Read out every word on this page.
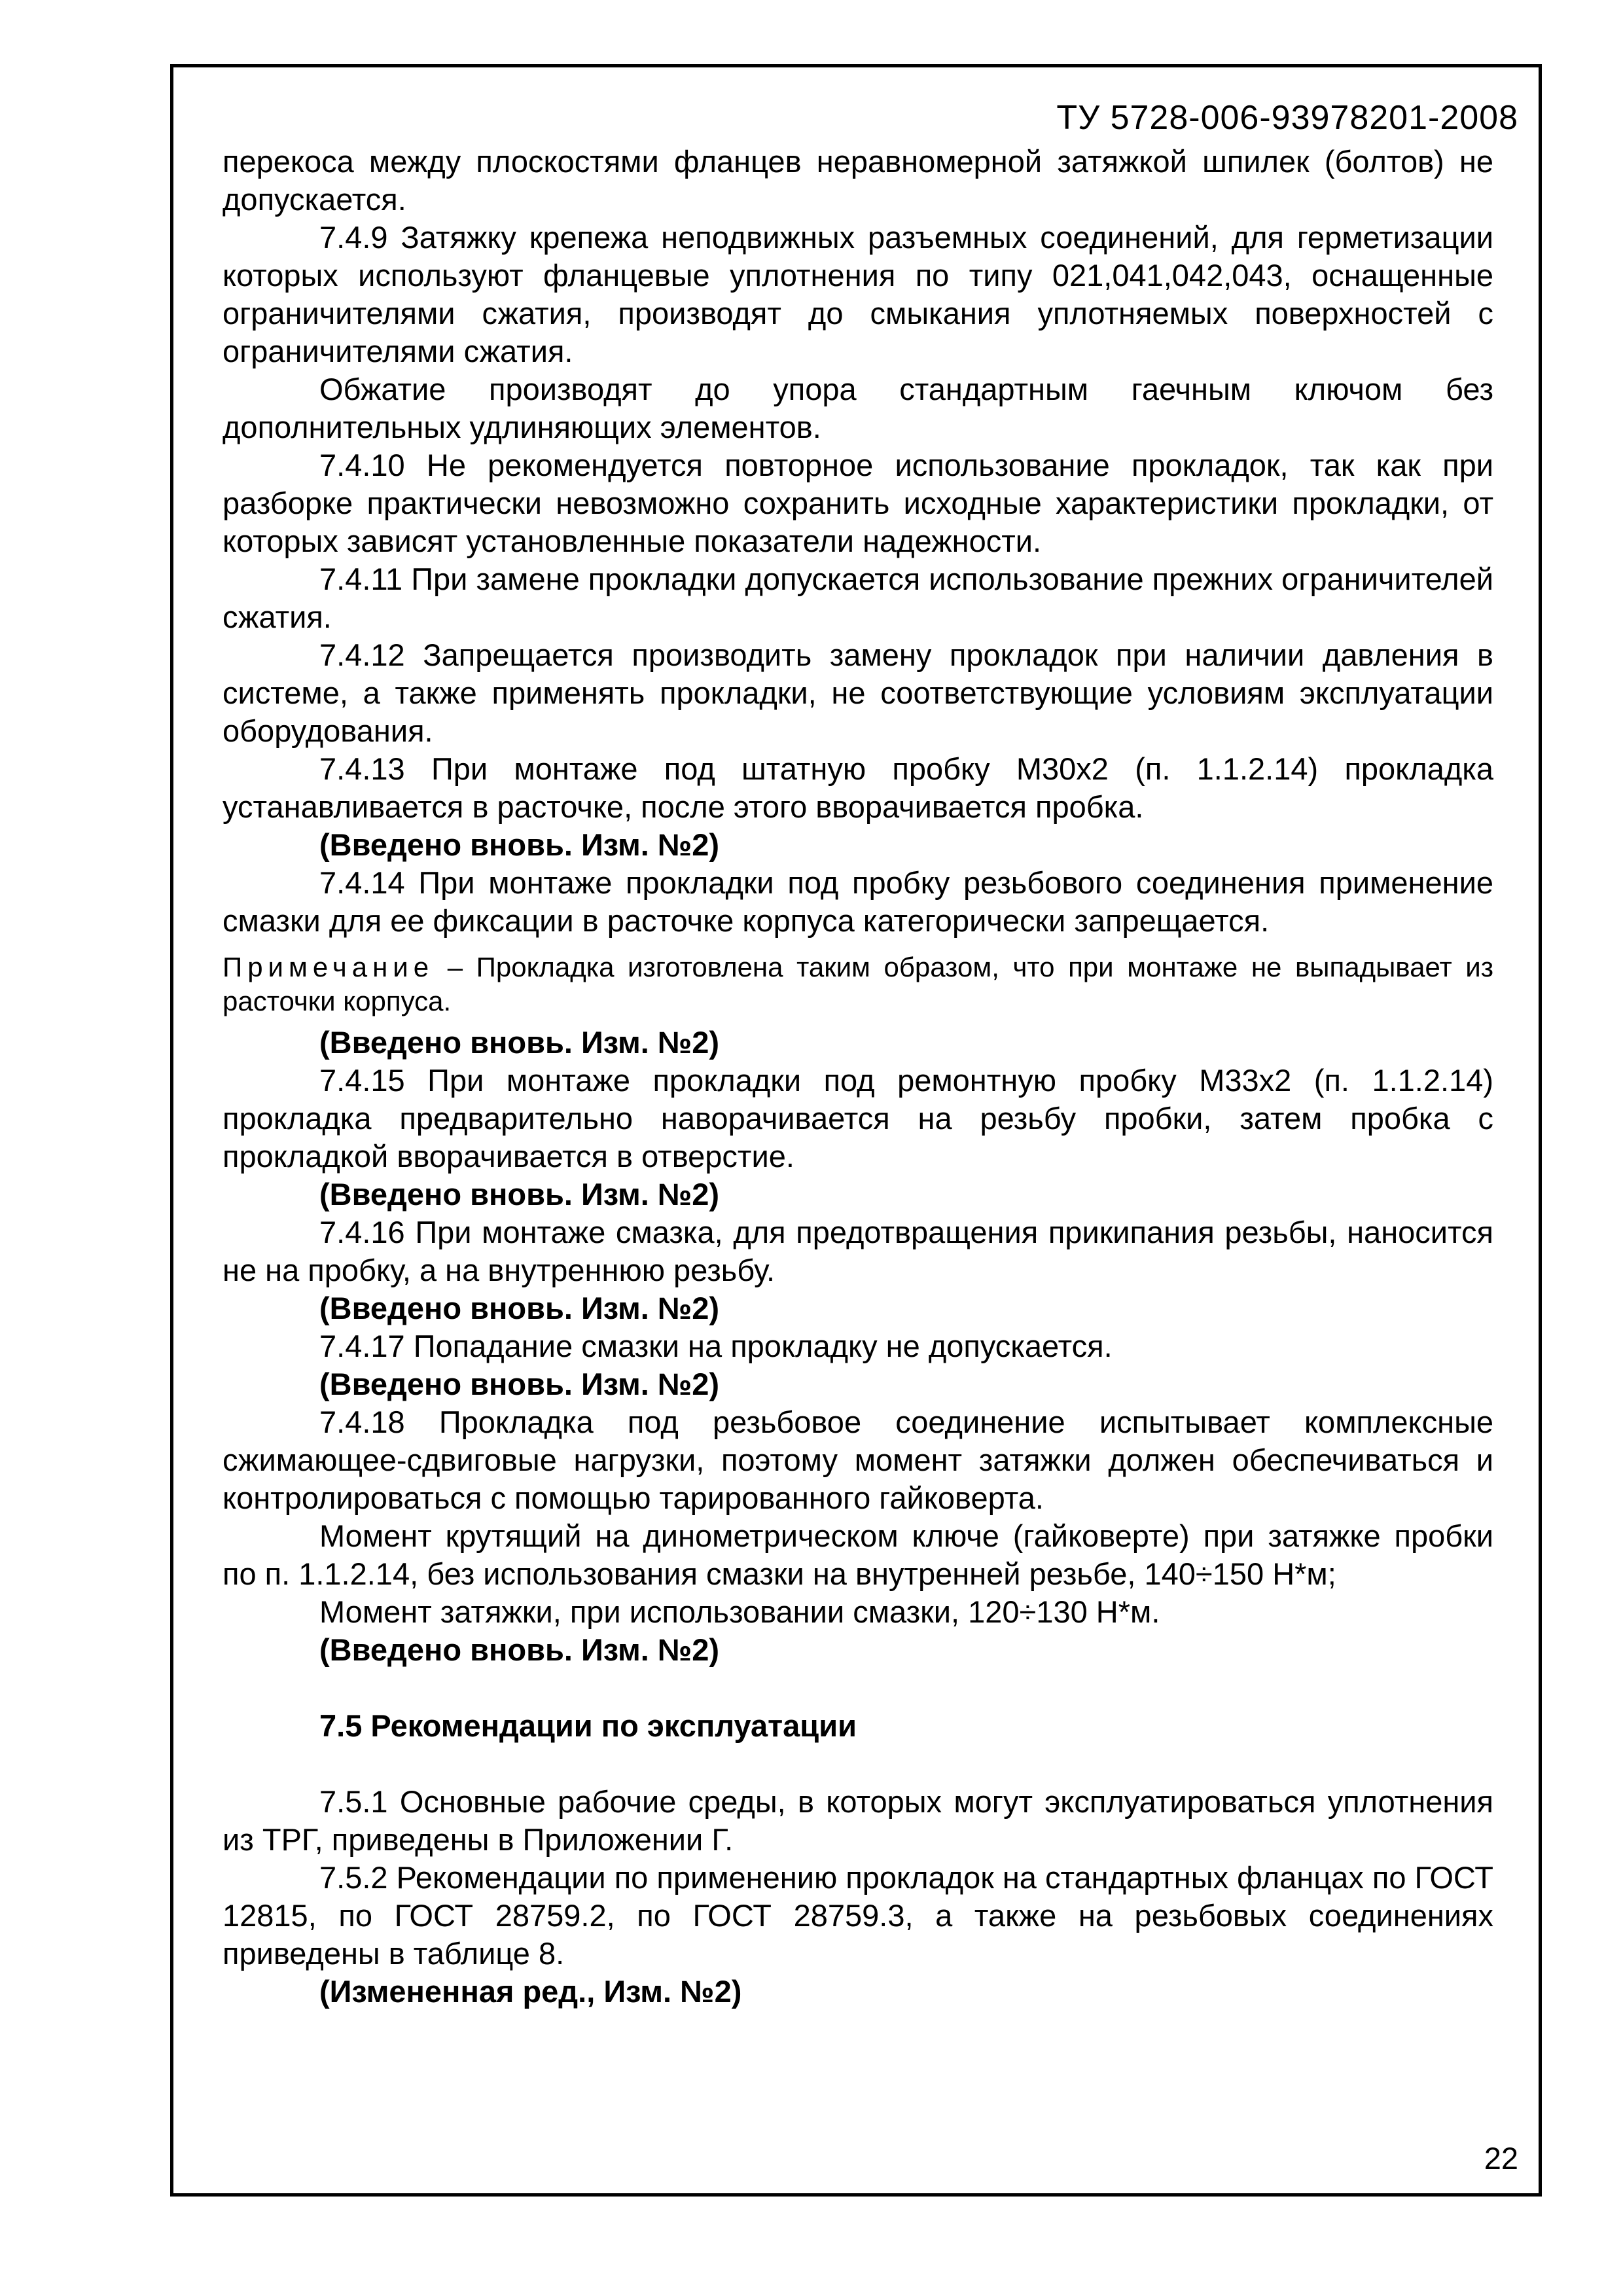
ТУ 5728-006-93978201-2008

перекоса между плоскостями фланцев неравномерной затяжкой шпилек (болтов) не допускается.

7.4.9 Затяжку крепежа неподвижных разъемных соединений, для герметизации которых используют фланцевые уплотнения по типу 021,041,042,043, оснащенные ограничителями сжатия, производят до смыкания уплотняемых поверхностей с ограничителями сжатия.

Обжатие производят до упора стандартным гаечным ключом без дополнительных удлиняющих элементов.

7.4.10 Не рекомендуется повторное использование прокладок, так как при разборке практически невозможно сохранить исходные характеристики прокладки, от которых зависят установленные показатели надежности.

7.4.11 При замене прокладки допускается использование прежних ограничителей сжатия.

7.4.12 Запрещается производить замену прокладок при наличии давления в системе, а также применять прокладки, не соответствующие условиям эксплуатации оборудования.

7.4.13 При монтаже под штатную пробку М30х2 (п. 1.1.2.14) прокладка устанавливается в расточке, после этого вворачивается пробка.

(Введено вновь. Изм. №2)

7.4.14 При монтаже прокладки под пробку резьбового соединения применение смазки для ее фиксации в расточке корпуса категорически запрещается.

Примечание – Прокладка изготовлена таким образом, что при монтаже не выпадывает из расточки корпуса.

(Введено вновь. Изм. №2)

7.4.15 При монтаже прокладки под ремонтную пробку М33х2 (п. 1.1.2.14) прокладка предварительно наворачивается на резьбу пробки, затем пробка с прокладкой вворачивается в отверстие.

(Введено вновь. Изм. №2)

7.4.16 При монтаже смазка, для предотвращения прикипания резьбы, наносится не на пробку, а на внутреннюю резьбу.

(Введено вновь. Изм. №2)

7.4.17 Попадание смазки на прокладку не допускается.

(Введено вновь. Изм. №2)

7.4.18 Прокладка под резьбовое соединение испытывает комплексные сжимающее-сдвиговые нагрузки, поэтому момент затяжки должен обеспечиваться и контролироваться с помощью тарированного гайковерта.

Момент крутящий на динометрическом ключе (гайковерте) при затяжке пробки по п. 1.1.2.14, без использования смазки на внутренней резьбе, 140÷150 Н*м;

Момент затяжки, при использовании смазки, 120÷130 Н*м.

(Введено вновь. Изм. №2)

7.5 Рекомендации по эксплуатации

7.5.1 Основные рабочие среды, в которых могут эксплуатироваться уплотнения из ТРГ, приведены в Приложении Г.

7.5.2 Рекомендации по применению прокладок на стандартных фланцах по ГОСТ 12815, по ГОСТ 28759.2, по ГОСТ 28759.3, а также на резьбовых соединениях приведены в таблице 8.

(Измененная ред., Изм. №2)

22
